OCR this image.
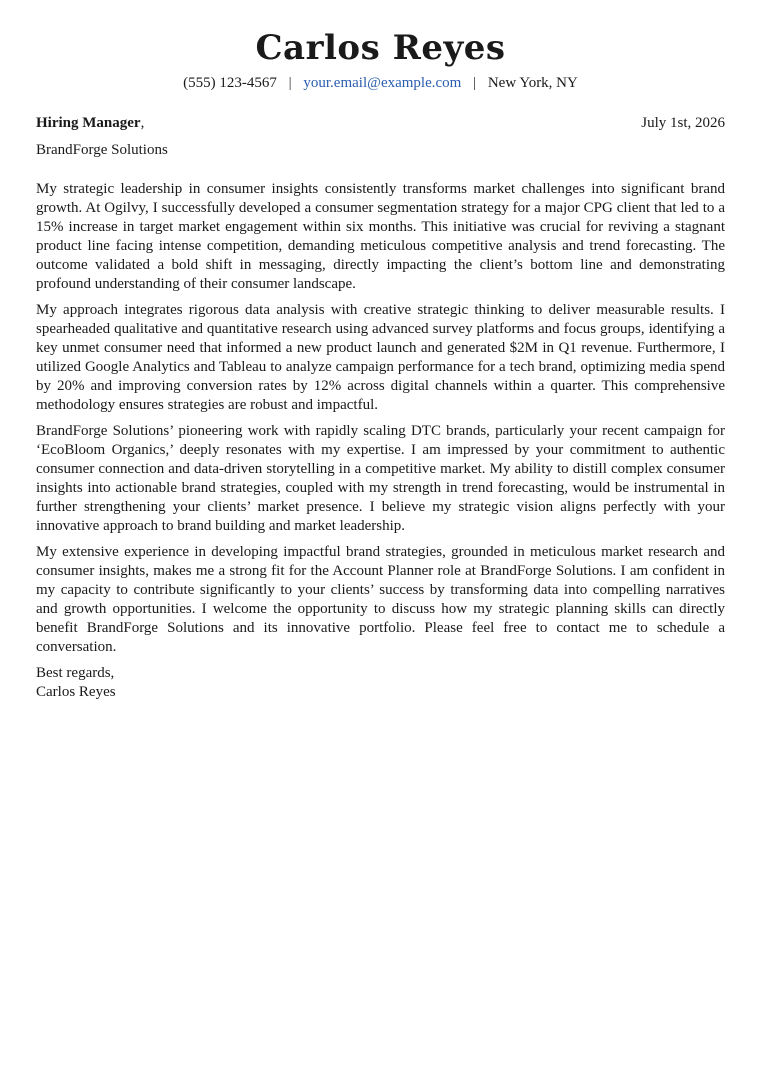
Carlos Reyes
(555) 123-4567 | your.email@example.com | New York, NY
Hiring Manager,	July 1st, 2026
BrandForge Solutions

My strategic leadership in consumer insights consistently transforms market challenges into significant brand growth. At Ogilvy, I successfully developed a consumer segmentation strategy for a major CPG client that led to a 15% increase in target market engagement within six months. This initiative was crucial for reviving a stagnant product line facing intense competition, demanding meticulous competitive analysis and trend forecasting. The outcome validated a bold shift in messaging, directly impacting the client’s bottom line and demonstrating profound understanding of their consumer landscape.

My approach integrates rigorous data analysis with creative strategic thinking to deliver measurable results. I spearheaded qualitative and quantitative research using advanced survey platforms and focus groups, identifying a key unmet consumer need that informed a new product launch and generated $2M in Q1 revenue. Furthermore, I utilized Google Analytics and Tableau to analyze campaign performance for a tech brand, optimizing media spend by 20% and improving conversion rates by 12% across digital channels within a quarter. This comprehensive methodology ensures strategies are robust and impactful.

BrandForge Solutions’ pioneering work with rapidly scaling DTC brands, particularly your recent campaign for ‘EcoBloom Organics,’ deeply resonates with my expertise. I am impressed by your commitment to authentic consumer connection and data-driven storytelling in a competitive market. My ability to distill complex consumer insights into actionable brand strategies, coupled with my strength in trend forecasting, would be instrumental in further strengthening your clients’ market presence. I believe my strategic vision aligns perfectly with your innovative approach to brand building and market leadership.

My extensive experience in developing impactful brand strategies, grounded in meticulous market research and consumer insights, makes me a strong fit for the Account Planner role at BrandForge Solutions. I am confident in my capacity to contribute significantly to your clients’ success by transforming data into compelling narratives and growth opportunities. I welcome the opportunity to discuss how my strategic planning skills can directly benefit BrandForge Solutions and its innovative portfolio. Please feel free to contact me to schedule a conversation.

Best regards,
Carlos Reyes
